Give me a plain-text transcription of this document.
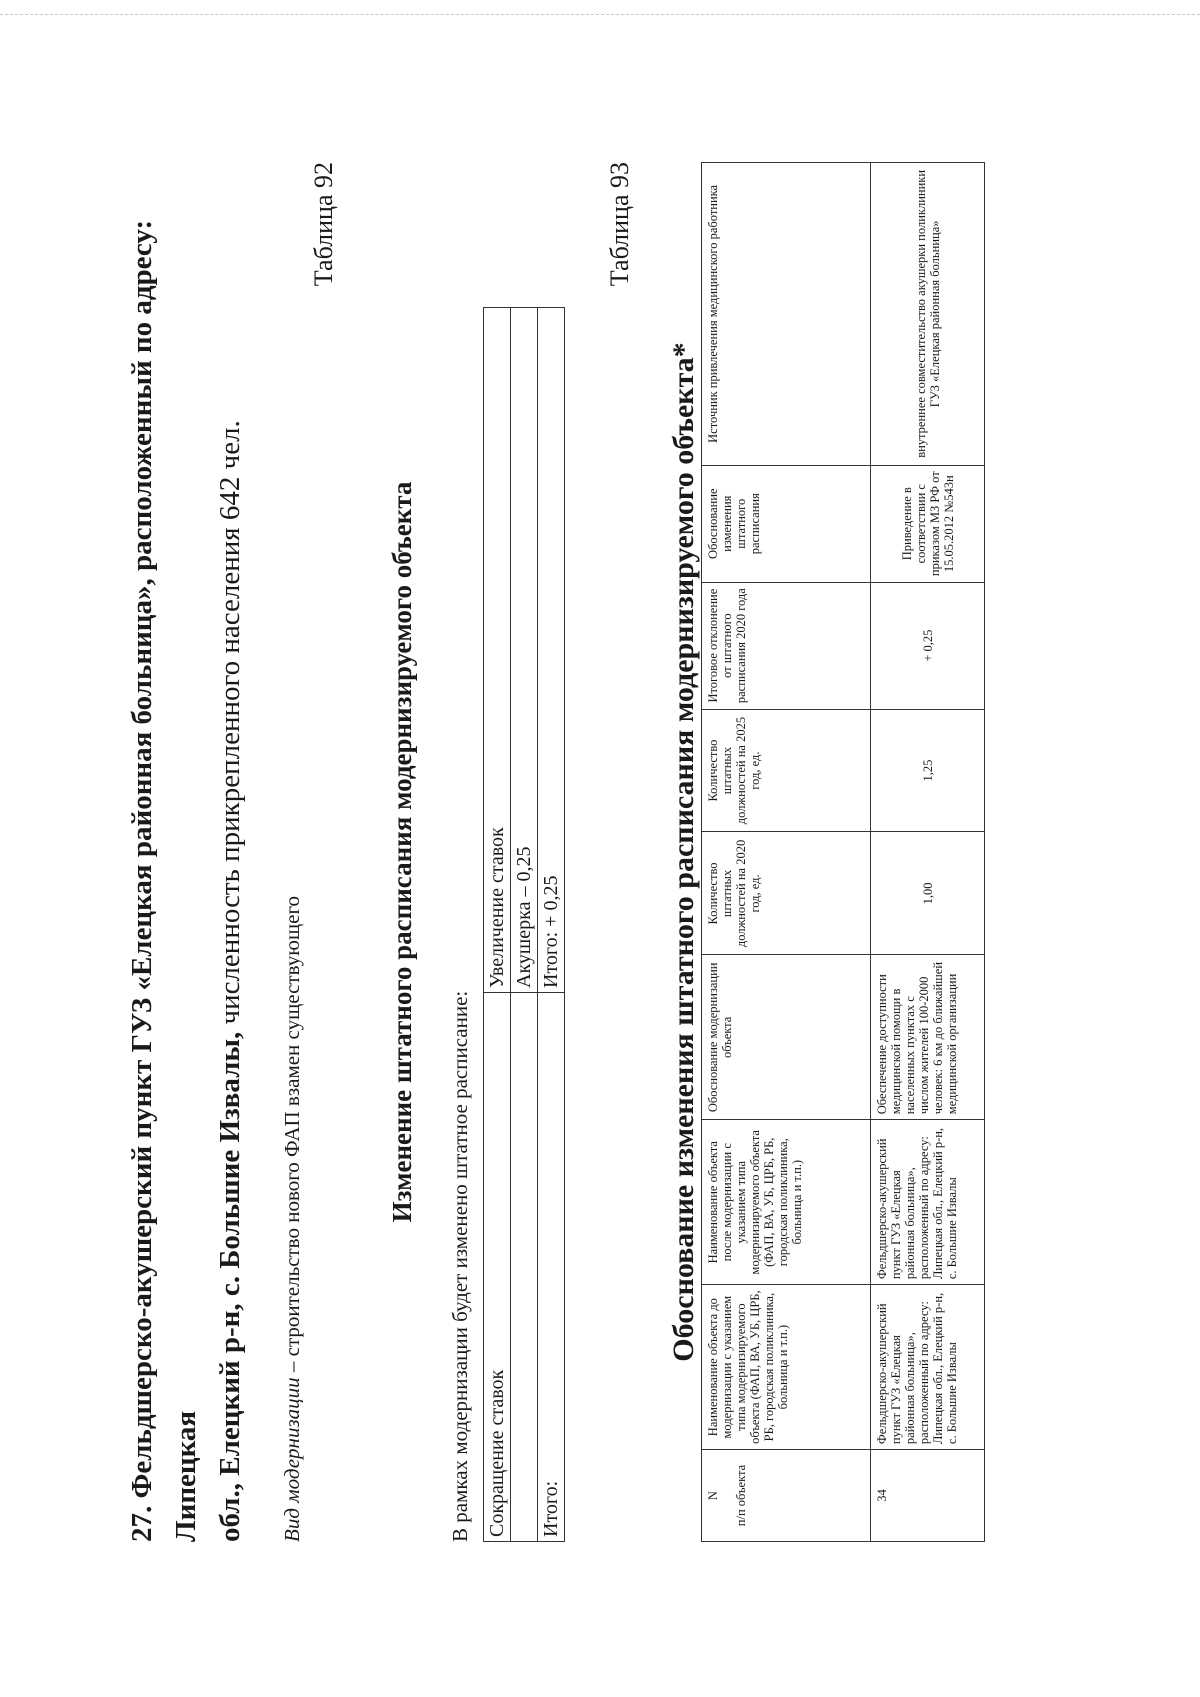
27. Фельдшерско-акушерский пункт ГУЗ «Елецкая районная больница», расположенный по адресу: Липецкая обл., Елецкий р-н, с. Большие Извалы, численность прикрепленного населения 642 чел.
Вид модернизации – строительство нового ФАП взамен существующего
Таблица 92
Изменение штатного расписания модернизируемого объекта
В рамках модернизации будет изменено штатное расписание: Сокращение ставок	Увеличение ставок
	Акушерка – 0,25
Итого:	Итого: + 0,25
Таблица 93
Обоснование изменения штатного расписания модернизируемого объекта*
N

п/п объекта	Наименование объекта до модернизации с указанием типа модернизируемого объекта (ФАП, ВА, УБ, ЦРБ, РБ, городская поликлиника, больница и т.п.)	Наименование объекта после модернизации с указанием типа модернизируемого объекта (ФАП, ВА, УБ, ЦРБ, РБ, городская поликлиника, больница и т.п.)	Обоснование модернизации объекта	Количество штатных должностей на 2020 год, ед.	Количество штатных должностей на 2025 год, ед.	Итоговое отклонение от штатного расписания 2020 года	Обоснование изменения штатного расписания	Источник привлечения медицинского работника
34	Фельдшерско-акушерский пункт ГУЗ «Елецкая районная больница», расположенный по адресу: Липецкая обл., Елецкий р-н, с. Большие Извалы	Фельдшерско-акушерский пункт ГУЗ «Елецкая районная больница», расположенный по адресу: Липецкая обл., Елецкий р-н, с. Большие Извалы	Обеспечение доступности медицинской помощи в населенных пунктах с числом жителей 100-2000 человек: 6 км до ближайшей медицинской организации	1,00	1,25	+ 0,25	Приведение в соответствии с приказом МЗ РФ от 15.05.2012 №543н	внутреннее совместительство акушерки поликлиники ГУЗ «Елецкая районная больница»
